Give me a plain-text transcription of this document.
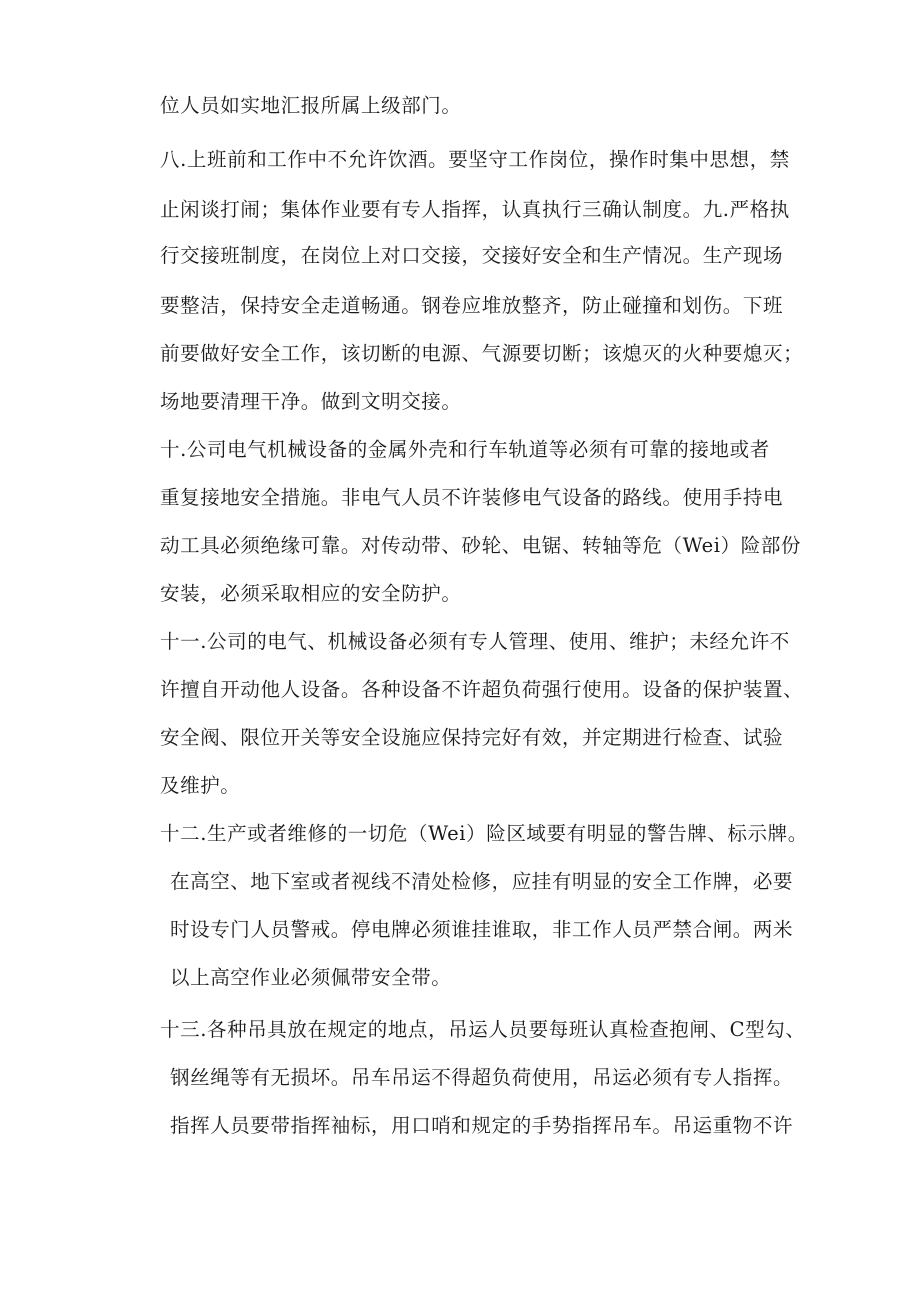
位人员如实地汇报所属上级部门。
八.上班前和工作中不允许饮酒。要坚守工作岗位，操作时集中思想，禁
止闲谈打闹；集体作业要有专人指挥，认真执行三确认制度。九.严格执
行交接班制度，在岗位上对口交接，交接好安全和生产情况。生产现场
要整洁，保持安全走道畅通。钢卷应堆放整齐，防止碰撞和划伤。下班
前要做好安全工作，该切断的电源、气源要切断；该熄灭的火种要熄灭；
场地要清理干净。做到文明交接。
十.公司电气机械设备的金属外壳和行车轨道等必须有可靠的接地或者
重复接地安全措施。非电气人员不许装修电气设备的路线。使用手持电
动工具必须绝缘可靠。对传动带、砂轮、电锯、转轴等危（Wei）险部份
安装，必须采取相应的安全防护。
十一.公司的电气、机械设备必须有专人管理、使用、维护；未经允许不
许擅自开动他人设备。各种设备不许超负荷强行使用。设备的保护装置、
安全阀、限位开关等安全设施应保持完好有效，并定期进行检查、试验
及维护。
十二.生产或者维修的一切危（Wei）险区域要有明显的警告牌、标示牌。
在高空、地下室或者视线不清处检修，应挂有明显的安全工作牌，必要
时设专门人员警戒。停电牌必须谁挂谁取，非工作人员严禁合闸。两米
以上高空作业必须佩带安全带。
十三.各种吊具放在规定的地点，吊运人员要每班认真检查抱闸、C型勾、
钢丝绳等有无损坏。吊车吊运不得超负荷使用，吊运必须有专人指挥。
指挥人员要带指挥袖标，用口哨和规定的手势指挥吊车。吊运重物不许
